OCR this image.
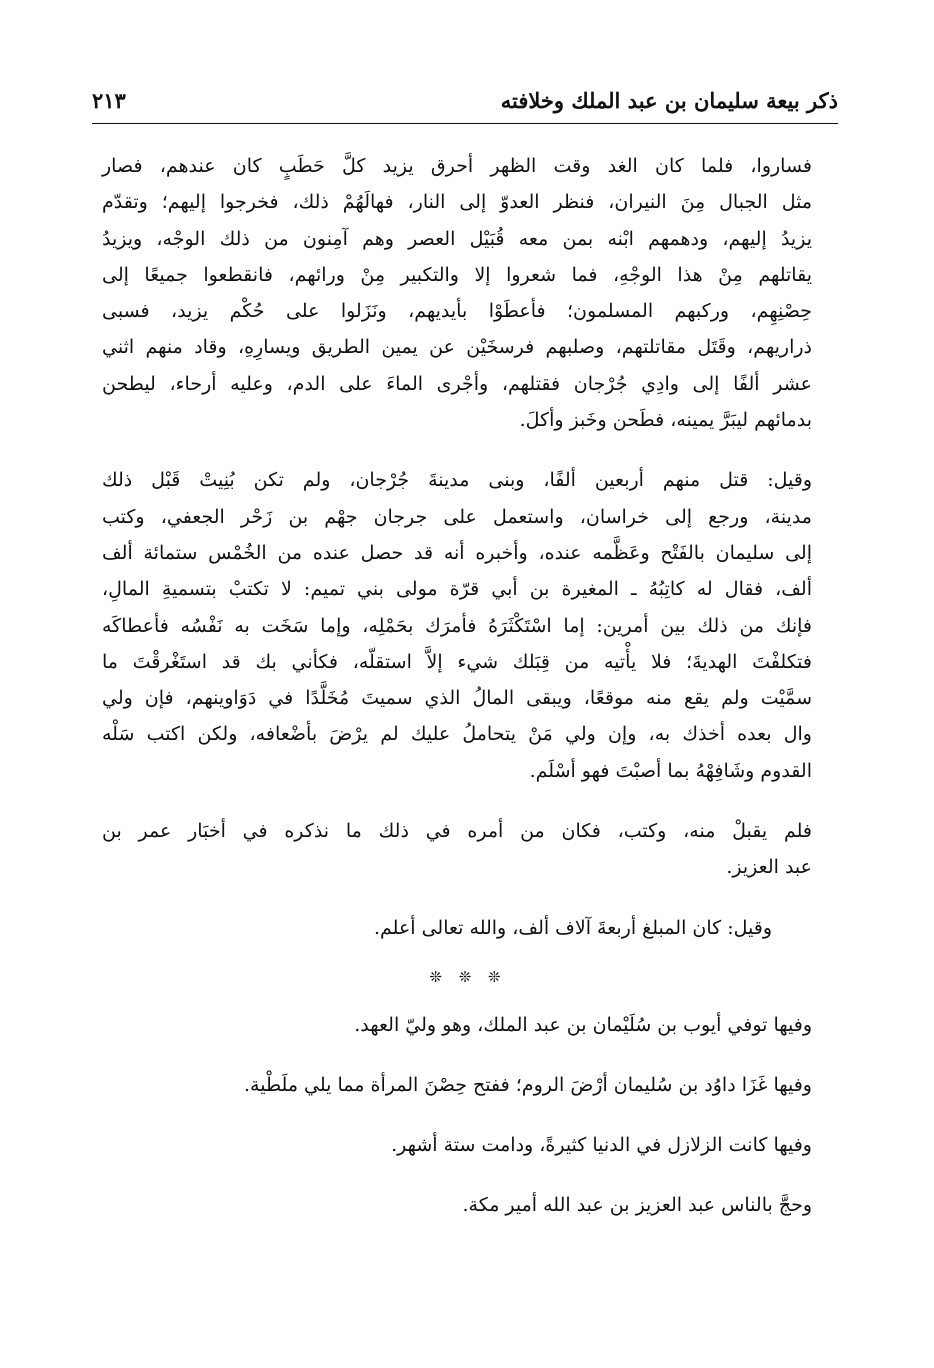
ذكر بيعة سليمان بن عبد الملك وخلافته
٢١٣

فساروا، فلما كان الغد وقت الظهر أحرق يزيد كلَّ حَطَبٍ كان عندهم، فصار
مثل الجبال مِنَ النيران، فنظر العدوّ إلى النار، فهالَهُمْ ذلك، فخرجوا إليهم؛ وتقدّم
يزيدُ إليهم، ودهمهم ابْنه بمن معه قُبَيْل العصر وهم آمِنون من ذلك الوجْه، ويزيدُ
يقاتلهم مِنْ هذا الوجْهِ، فما شعروا إلا والتكبير مِنْ ورائهم، فانقطعوا جميعًا إلى
حِصْنِهِم، وركبهم المسلمون؛ فأعطَوْا بأيديهم، ونَزَلوا على حُكْم يزيد، فسبى
ذراريهم، وقَتَل مقاتلتهم، وصلبهم فرسخَيْن عن يمين الطريق ويسارِهِ، وقاد منهم اثني
عشر ألفًا إلى وادِي جُرْجان فقتلهم، وأجْرى الماءَ على الدم، وعليه أرحاء، ليطحن
بدمائهم ليبَرَّ يمينه، فطَحن وخَبز وأكلَ.

وقيل: قتل منهم أربعين ألفًا، وبنى مدينةَ جُرْجان، ولم تكن بُنِيتْ قَبْل ذلك
مدينة، ورجع إلى خراسان، واستعمل على جرجان جهْم بن زَحْر الجعفي، وكتب
إلى سليمان بالفَتْح وعَظَّمه عنده، وأخبره أنه قد حصل عنده من الخُمْس ستمائة ألف
ألف، فقال له كاتِبُهُ ـ المغيرة بن أبي قرّة مولى بني تميم: لا تكتبْ بتسميةِ المالِ،
فإنك من ذلك بين أمرين: إما اسْتَكْثَرَهُ فأمرَك بحَمْلِه، وإما سَخَت به نَفْسُه فأعطاكَه
فتكلفْتَ الهديةَ؛ فلا يأْتيه من قِبَلك شيء إلاَّ استقلّه، فكأني بك قد استَغْرقْتَ ما
سمَّيْت ولم يقع منه موقعًا، ويبقى المالُ الذي سميتَ مُخَلَّدًا في دَوَاوينهم، فإن ولي
وال بعده أخذك به، وإن ولي مَنْ يتحاملُ عليك لم يرْضَ بأضْعافه، ولكن اكتب سَلْه
القدوم وشَافِهْهُ بما أصبْتَ فهو أسْلَم.

فلم يقبلْ منه، وكتب، فكان من أمره في ذلك ما نذكره في أخبَار عمر بن
عبد العزيز.

وقيل: كان المبلغ أربعةَ آلاف ألف، والله تعالى أعلم.

❊ ❊ ❊

وفيها توفي أيوب بن سُلَيْمان بن عبد الملك، وهو وليّ العهد.

وفيها غَزَا داوُد بن سُليمان أرْضَ الروم؛ ففتح حِصْنَ المرأة مما يلي ملَطْية.

وفيها كانت الزلازل في الدنيا كثيرةً، ودامت ستة أشهر.

وحجَّ بالناس عبد العزيز بن عبد الله أمير مكة.
